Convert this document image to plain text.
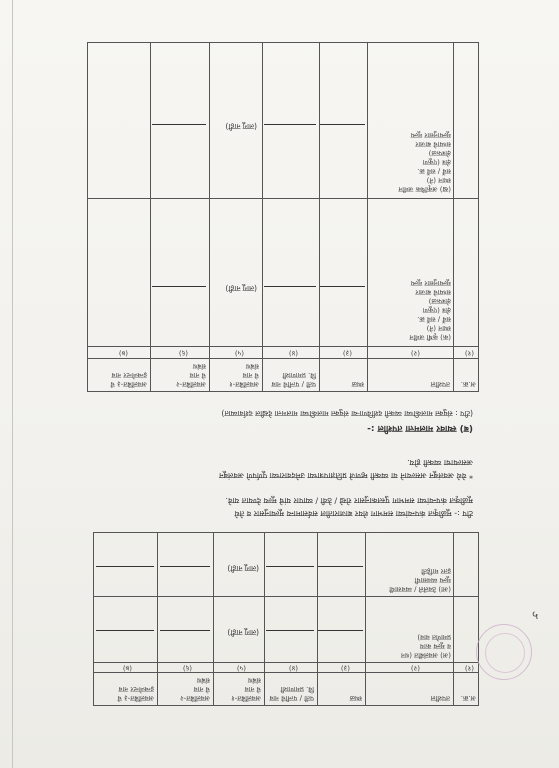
अ.क्र.
तपशील
स्थळ
पती / पत्नीचे नाव
वि. प्रमाणाशी
अवलंबित-१
चे नाव
संबंध
अवलंबित-२
चे नाव
संबंध
अवलंबित-३ चे
इन्कमेन्टर नाव
(१)
(२)
(३)
(४)
(५)
(६)
(७)
(अ) अवलंबीत (धन
व मूल्य काय
प्रमाणेत वाव)
(लागू नाही)
(आ) ठेवलेले / व्यवसायी
मूल्य व्यवसायी
इतर माहिती
(लागू नाही)
टीप :- मूळीकृत कंपन्यांच्या समभाग शेयर बाजारातील सर्वसामान्य मूल्यानुसार व तेथे
मूळीकृत कंपन्यांच्या समभाग पुस्तकानुसार रोखे / ठेवी / व्यापार यांचे मूल्य देण्यात यावे.
* येथे अवलंबून असल्याने या व्यक्ती म्हणजे प्रतिज्ञापत्राच्या उमेदवाराच्या पूर्णपणे अवलंबून
असल्याचा व्यक्ती होय.
(ब) स्थावर मालमत्ता तपशील :-
(टीप : संयुक्त मालकीच्या व्यक्ती दर्शविणाऱ्या संयुक्त मालकीच्या मालमत्ता देखील दर्शवाव्यात)
अ.क्र.
तपशील
स्थळ
पती / पत्नीचे नाव
वि. प्रमाणाशी
अवलंबित-१
चे नाव
संबंध
अवलंबित-२
चे नाव
संबंध
अवलंबित-३ चे
इन्कमेन्टर नाव
(१)
(२)
(३)
(४)
(५)
(६)
(७)
(क) कृषी जमीन
स्थान (ने)
सर्वे / सर्वे क्र.
क्षेत्र (एकूण
क्षेत्रफळ)
सध्याचे बाजार
मूल्यानुसार मूल्य
(लागू नाही)
(ख) अकृषिक जमीन
स्थान (ने)
सर्वे / सर्वे क्र.
क्षेत्र (एकूण
क्षेत्रफळ)
सध्याचे बाजार
मूल्यानुसार मूल्य
(लागू नाही)
५
